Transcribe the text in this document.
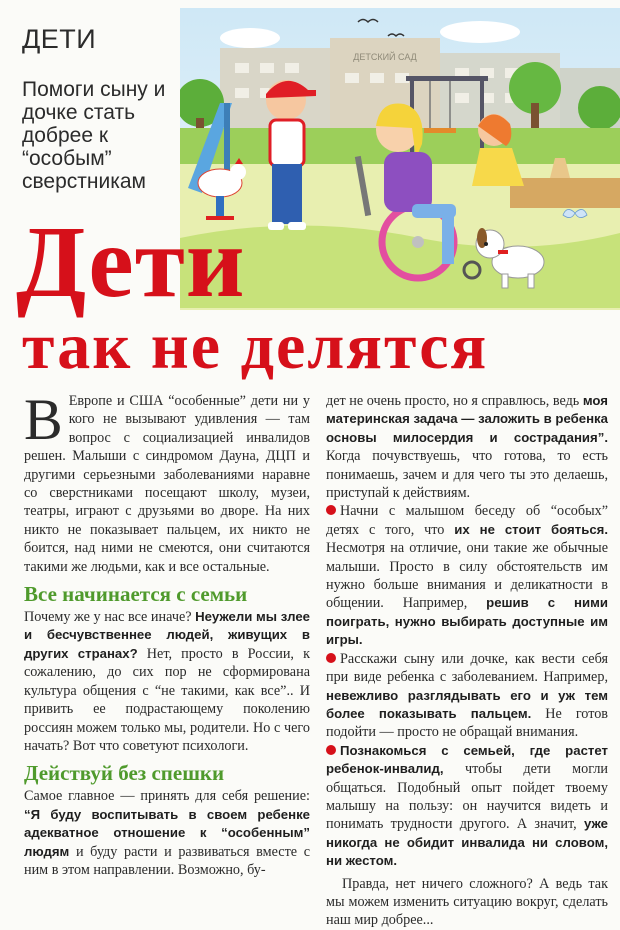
ДЕТИ
Помоги сыну и дочке стать добрее к “особым” сверстникам
ДЕТСКИЙ САД
Дети
так не делятся

В Европе и США “особенные” дети ни у кого не вызывают удивления — там вопрос с социализацией инвалидов решен. Малыши с синдромом Дауна, ДЦП и другими серьезными заболеваниями наравне со сверстниками посещают школу, музеи, театры, играют с друзьями во дворе. На них никто не показывает пальцем, их никто не боится, над ними не смеются, они считаются такими же людьми, как и все остальные.

Все начинается с семьи

Почему же у нас все иначе? Неужели мы злее и бесчувственнее людей, живущих в других странах? Нет, просто в России, к сожалению, до сих пор не сформирована культура общения с “не такими, как все”.. И привить ее подрастающему поколению россиян можем только мы, родители. Но с чего начать? Вот что советуют психологи.

Действуй без спешки

Самое главное — принять для себя решение: “Я буду воспитывать в своем ребенке адекватное отношение к “особенным” людям и буду расти и развиваться вместе с ним в этом направлении. Возможно, бу-

дет не очень просто, но я справлюсь, ведь моя материнская задача — заложить в ребенка основы милосердия и сострадания”. Когда почувствуешь, что готова, то есть понимаешь, зачем и для чего ты это делаешь, приступай к действиям.

Начни с малышом беседу об “особых” детях с того, что их не стоит бояться. Несмотря на отличие, они такие же обычные малыши. Просто в силу обстоятельств им нужно больше внимания и деликатности в общении. Например, решив с ними поиграть, нужно выбирать доступные им игры.

Расскажи сыну или дочке, как вести себя при виде ребенка с заболеванием. Например, невежливо разглядывать его и уж тем более показывать пальцем. Не готов подойти — просто не обращай внимания.

Познакомься с семьей, где растет ребенок-инвалид, чтобы дети могли общаться. Подобный опыт пойдет твоему малышу на пользу: он научится видеть и понимать трудности другого. А значит, уже никогда не обидит инвалида ни словом, ни жестом.

Правда, нет ничего сложного? А ведь так мы можем изменить ситуацию вокруг, сделать наш мир добрее...
